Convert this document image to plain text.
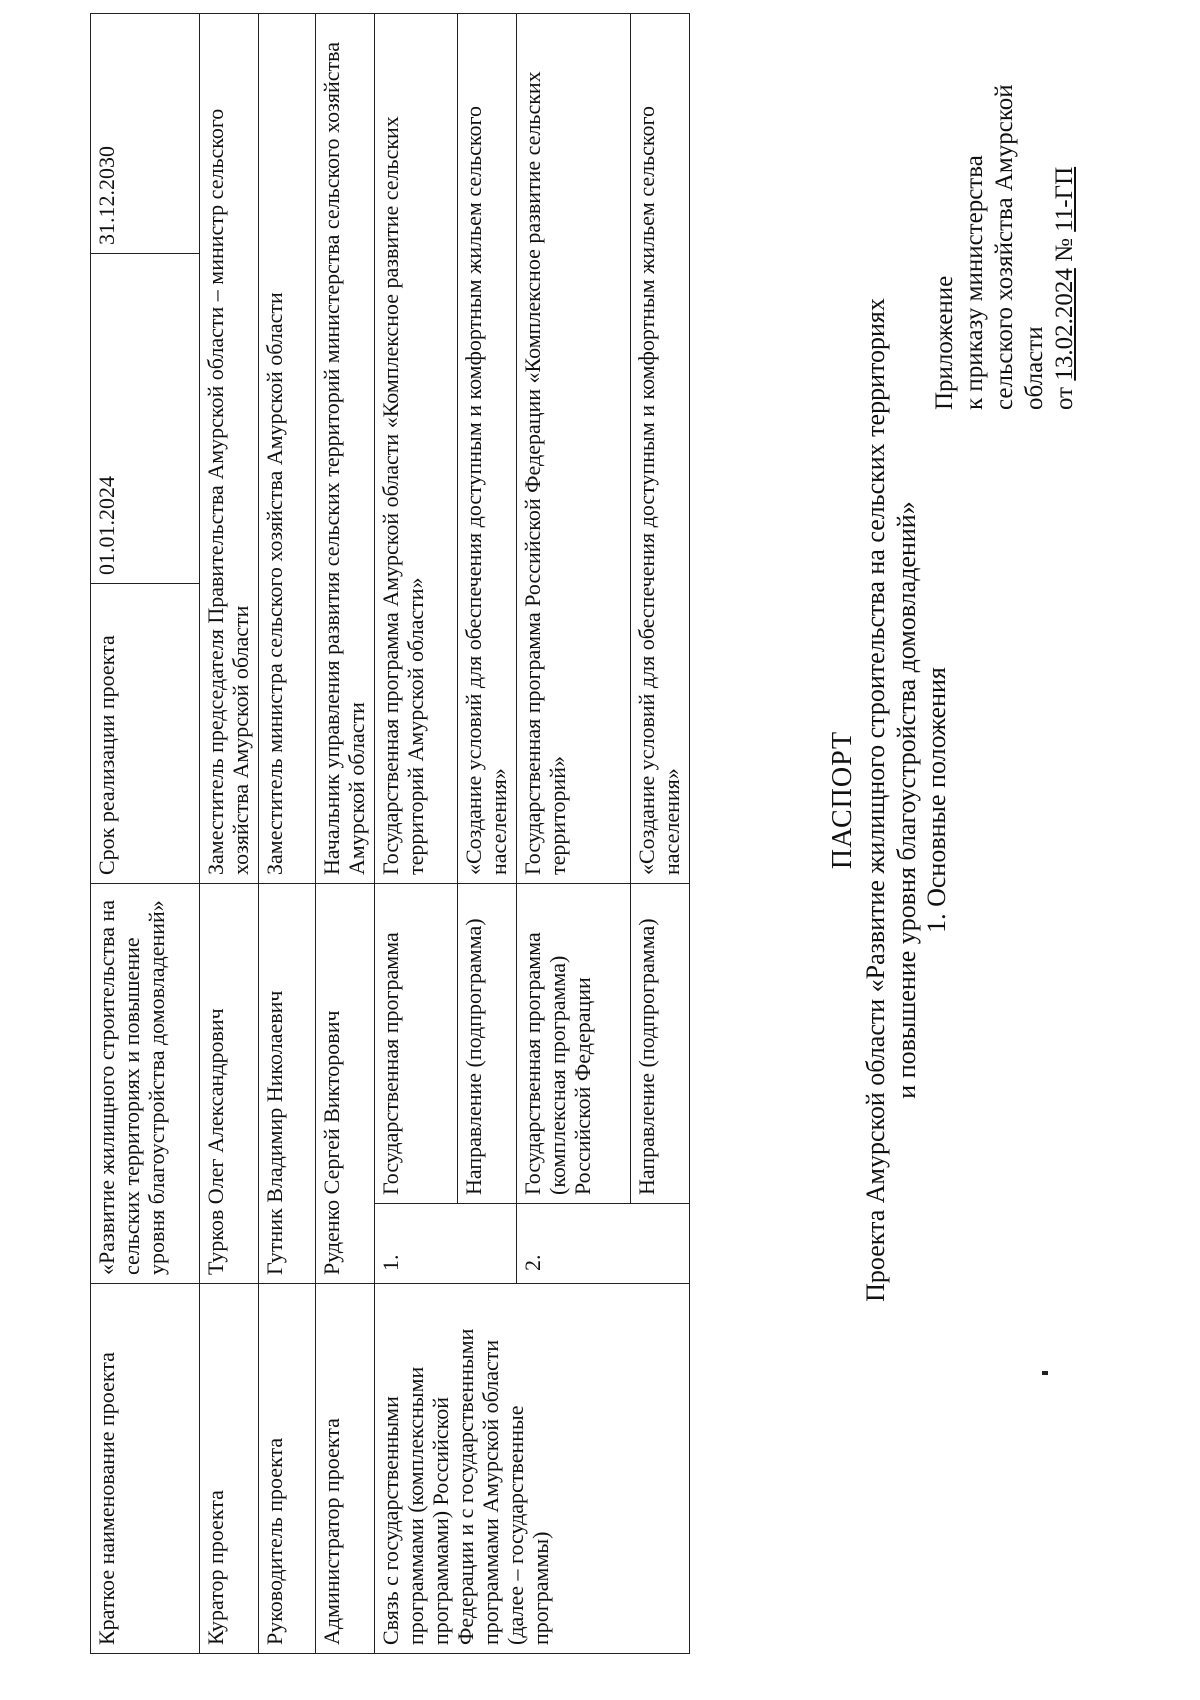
Приложение к приказу министерства сельского хозяйства Амурской области от 13.02.2024 № 11-ГП
ПАСПОРТ Проекта Амурской области «Развитие жилищного строительства на сельских территориях и повышение уровня благоустройства домовладений» 1. Основные положения
Краткое наименование проекта	«Развитие жилищного строительства на сельских территориях и повышение уровня благоустройства домовладений»		Срок реализации проекта	01.01.2024	31.12.2030
Куратор проекта	Турков Олег Александрович		Заместитель председателя Правительства Амурской области – министр сельского хозяйства Амурской области		
Руководитель проекта	Гутник Владимир Николаевич		Заместитель министра сельского хозяйства Амурской области		
Администратор проекта	Руденко Сергей Викторович		Начальник управления развития сельских территорий министерства сельского хозяйства Амурской области		
Связь с государственными программами (комплексными программами) Российской Федерации и с государственными программами Амурской области (далее – государственные программы)	1.	Государственная программа	Государственная программа Амурской области «Комплексное развитие сельских территорий Амурской области»		
		Направление (подпрограмма)	«Создание условий для обеспечения доступным и комфортным жильем сельского населения»		
	2.	Государственная программа (комплексная программа) Российской Федерации	Государственная программа Российской Федерации «Комплексное развитие сельских территорий»		
		Направление (подпрограмма)	«Создание условий для обеспечения доступным и комфортным жильем сельского населения»		
